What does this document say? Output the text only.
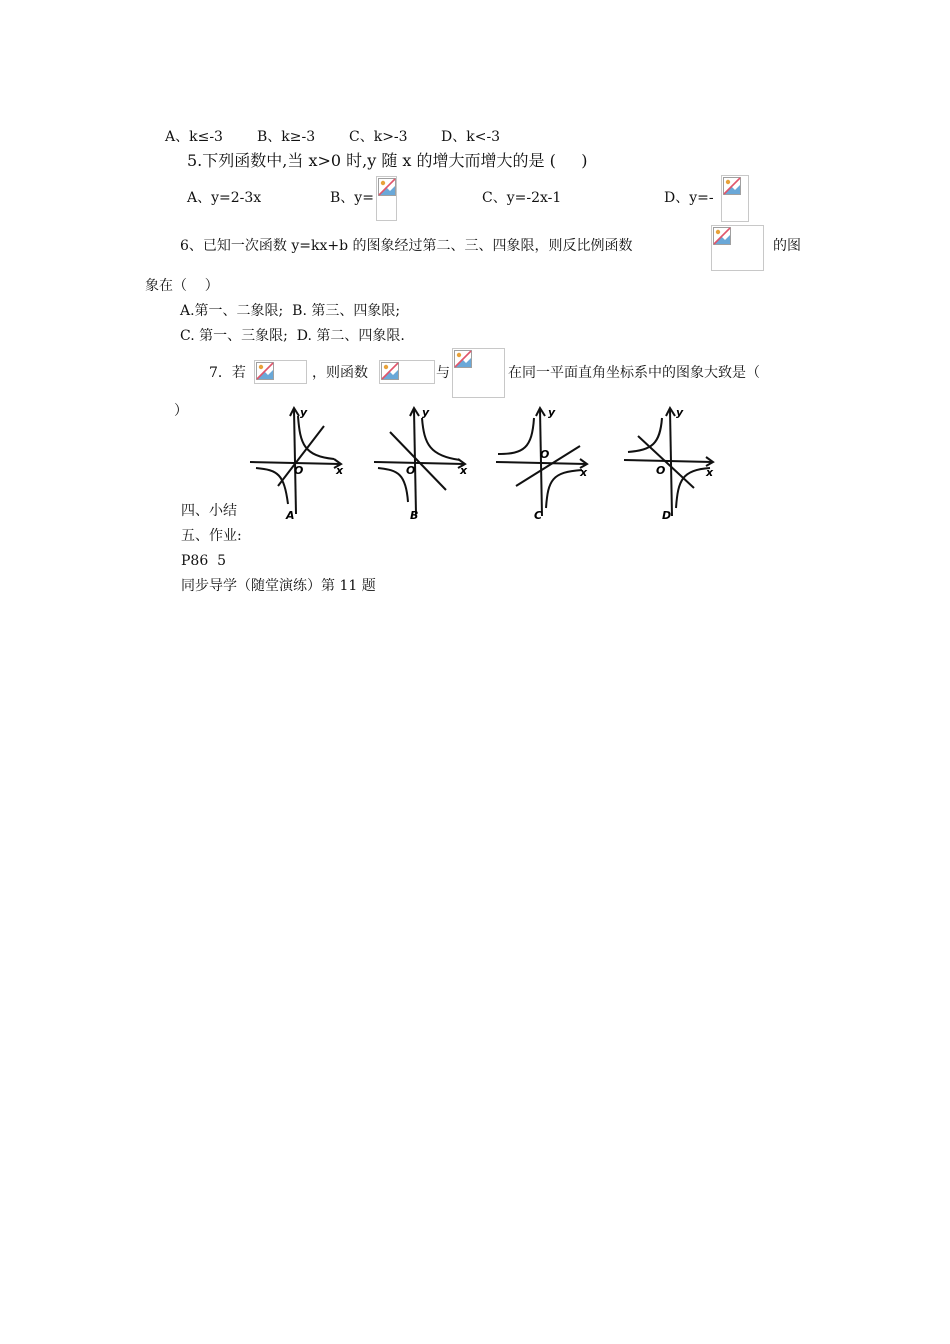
A、k≤-3 B、k≥-3 C、k>-3 D、k<-3
5.下列函数中,当 x>0 时,y 随 x 的增大而增大的是 (     )
A、y=2-3x	B、y=	C、y=-2x-1	D、y=-
6、已知一次函数 y=kx+b 的图象经过第二、三、四象限，则反比例函数	的图
象在（    ）
A.第一、二象限;  B. 第三、四象限;
C. 第一、三象限;  D. 第二、四象限.
7．若	，则函数	与	在同一平面直角坐标系中的图象大致是（
）	y
x
O
A
y
x
O
B
y
x
O
C
y
x
O
D
四、小结
五、作业:
P86  5
同步导学（随堂演练）第 11 题
